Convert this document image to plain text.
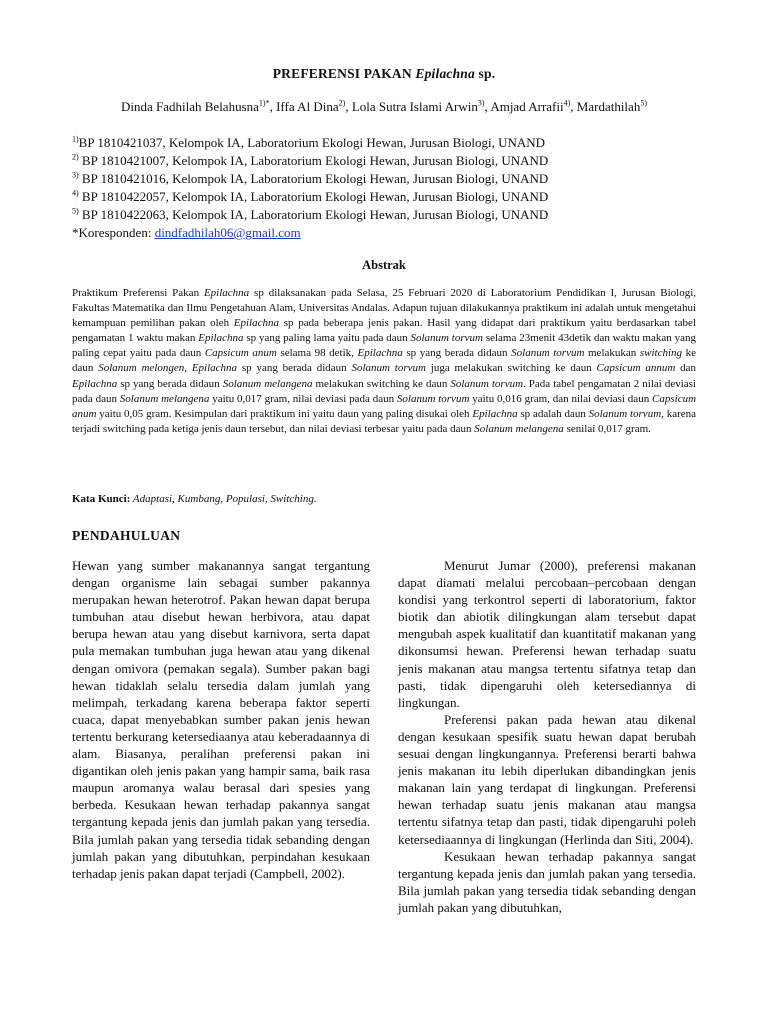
PREFERENSI PAKAN Epilachna sp.
Dinda Fadhilah Belahusna$^{1)*}$, Iffa Al Dina$^{2)}$, Lola Sutra Islami Arwin$^{3)}$, Amjad Arrafii$^{4)}$, Mardathilah$^{5)}$
$^{1)}$BP 1810421037, Kelompok IA, Laboratorium Ekologi Hewan, Jurusan Biologi, UNAND
$^{2)}$ BP 1810421007, Kelompok IA, Laboratorium Ekologi Hewan, Jurusan Biologi, UNAND
$^{3)}$ BP 1810421016, Kelompok IA, Laboratorium Ekologi Hewan, Jurusan Biologi, UNAND
$^{4)}$ BP 1810422057, Kelompok IA, Laboratorium Ekologi Hewan, Jurusan Biologi, UNAND
$^{5)}$ BP 1810422063, Kelompok IA, Laboratorium Ekologi Hewan, Jurusan Biologi, UNAND
*Koresponden: dindfadhilah06@gmail.com
Abstrak

Praktikum Preferensi Pakan Epilachna sp dilaksanakan pada Selasa, 25 Februari 2020 di Laboratorium Pendidikan I, Jurusan Biologi, Fakultas Matematika dan Ilmu Pengetahuan Alam, Universitas Andalas. Adapun tujuan dilakukannya praktikum ini adalah untuk mengetahui kemampuan pemilihan pakan oleh Epilachna sp pada beberapa jenis pakan. Hasil yang didapat dari praktikum yaitu berdasarkan tabel pengamatan 1 waktu makan Epilachna sp yang paling lama yaitu pada daun Solanum torvum selama 23menit 43detik dan waktu makan yang paling cepat yaitu pada daun Capsicum anum selama 98 detik, Epilachna sp yang berada didaun Solanum torvum melakukan switching ke daun Solanum melongen, Epilachna sp yang berada didaun Solanum torvum juga melakukan switching ke daun Capsicum annum dan Epilachna sp yang berada didaun Solanum melangena melakukan switching ke daun Solanum torvum. Pada tabel pengamatan 2 nilai deviasi pada daun Solanum melangena yaitu 0,017 gram, nilai deviasi pada daun Solanum torvum yaitu 0,016 gram, dan nilai deviasi daun Capsicum anum yaitu 0,05 gram. Kesimpulan dari praktikum ini yaitu daun yang paling disukai oleh Epilachna sp adalah daun Solanum torvum, karena terjadi switching pada ketiga jenis daun tersebut, dan nilai deviasi terbesar yaitu pada daun Solanum melangena senilai 0,017 gram.

Kata Kunci: Adaptasi, Kumbang, Populasi, Switching.
PENDAHULUAN

Hewan yang sumber makanannya sangat tergantung dengan organisme lain sebagai sumber pakannya merupakan hewan heterotrof. Pakan hewan dapat berupa tumbuhan atau disebut hewan herbivora, atau dapat berupa hewan atau yang disebut karnivora, serta dapat pula memakan tumbuhan juga hewan atau yang dikenal dengan omivora (pemakan segala). Sumber pakan bagi hewan tidaklah selalu tersedia dalam jumlah yang melimpah, terkadang karena beberapa faktor seperti cuaca, dapat menyebabkan sumber pakan jenis hewan tertentu berkurang ketersediaanya atau keberadaannya di alam. Biasanya, peralihan preferensi pakan ini digantikan oleh jenis pakan yang hampir sama, baik rasa maupun aromanya walau berasal dari spesies yang berbeda. Kesukaan hewan terhadap pakannya sangat tergantung kepada jenis dan jumlah pakan yang tersedia. Bila jumlah pakan yang tersedia tidak sebanding dengan jumlah pakan yang dibutuhkan, perpindahan kesukaan terhadap jenis pakan dapat terjadi (Campbell, 2002).

Menurut Jumar (2000), preferensi makanan dapat diamati melalui percobaan–percobaan dengan kondisi yang terkontrol seperti di laboratorium, faktor biotik dan abiotik dilingkungan alam tersebut dapat mengubah aspek kualitatif dan kuantitatif makanan yang dikonsumsi hewan. Preferensi hewan terhadap suatu jenis makanan atau mangsa tertentu sifatnya tetap dan pasti, tidak dipengaruhi oleh ketersediannya di lingkungan.

Preferensi pakan pada hewan atau dikenal dengan kesukaan spesifik suatu hewan dapat berubah sesuai dengan lingkungannya. Preferensi berarti bahwa jenis makanan itu lebih diperlukan dibandingkan jenis makanan lain yang terdapat di lingkungan. Preferensi hewan terhadap suatu jenis makanan atau mangsa tertentu sifatnya tetap dan pasti, tidak dipengaruhi poleh ketersediaannya di lingkungan (Herlinda dan Siti, 2004).

Kesukaan hewan terhadap pakannya sangat tergantung kepada jenis dan jumlah pakan yang tersedia. Bila jumlah pakan yang tersedia tidak sebanding dengan jumlah pakan yang dibutuhkan,
